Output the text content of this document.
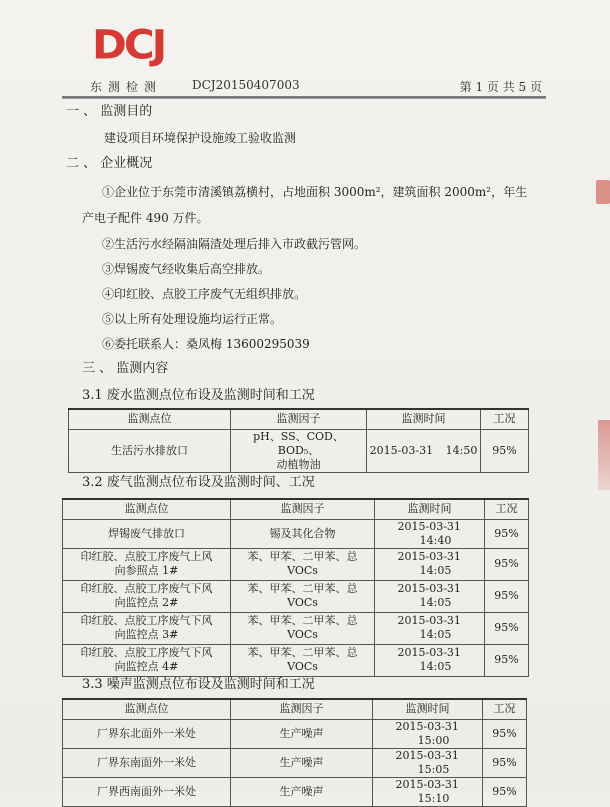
DCJ
东测检测 DCJ20150407003	第 1 页 共 5 页
一 、 监测目的
建设项目环境保护设施竣工验收监测
二 、 企业概况
①企业位于东莞市清溪镇荔横村，占地面积 3000m²，建筑面积 2000m²，年生
产电子配件 490 万件。
②生活污水经隔油隔渣处理后排入市政截污管网。
③焊锡废气经收集后高空排放。
④印红胶、点胶工序废气无组织排放。
⑤以上所有处理设施均运行正常。
⑥委托联系人：桑凤梅 13600295039
三 、 监测内容
3.1 废水监测点位布设及监测时间和工况
监测点位	监测因子	监测时间	工况
生活污水排放口	pH、SS、COD、BOD₅、
动植物油	2015-03-31 14:50	95%
3.2 废气监测点位布设及监测时间、工况
监测点位	监测因子	监测时间	工况
焊锡废气排放口	锡及其化合物	2015-03-3114:40	95%
印红胶、点胶工序废气上风
向参照点 1#	苯、甲苯、二甲苯、总 VOCs	2015-03-3114:05	95%
印红胶、点胶工序废气下风
向监控点 2#	苯、甲苯、二甲苯、总 VOCs	2015-03-3114:05	95%
印红胶、点胶工序废气下风
向监控点 3#	苯、甲苯、二甲苯、总 VOCs	2015-03-3114:05	95%
印红胶、点胶工序废气下风
向监控点 4#	苯、甲苯、二甲苯、总 VOCs	2015-03-3114:05	95%
3.3 噪声监测点位布设及监测时间和工况
监测点位	监测因子	监测时间	工况
厂界东北面外一米处	生产噪声	2015-03-3115:00	95%
厂界东南面外一米处	生产噪声	2015-03-3115:05	95%
厂界西南面外一米处	生产噪声	2015-03-3115:10	95%
